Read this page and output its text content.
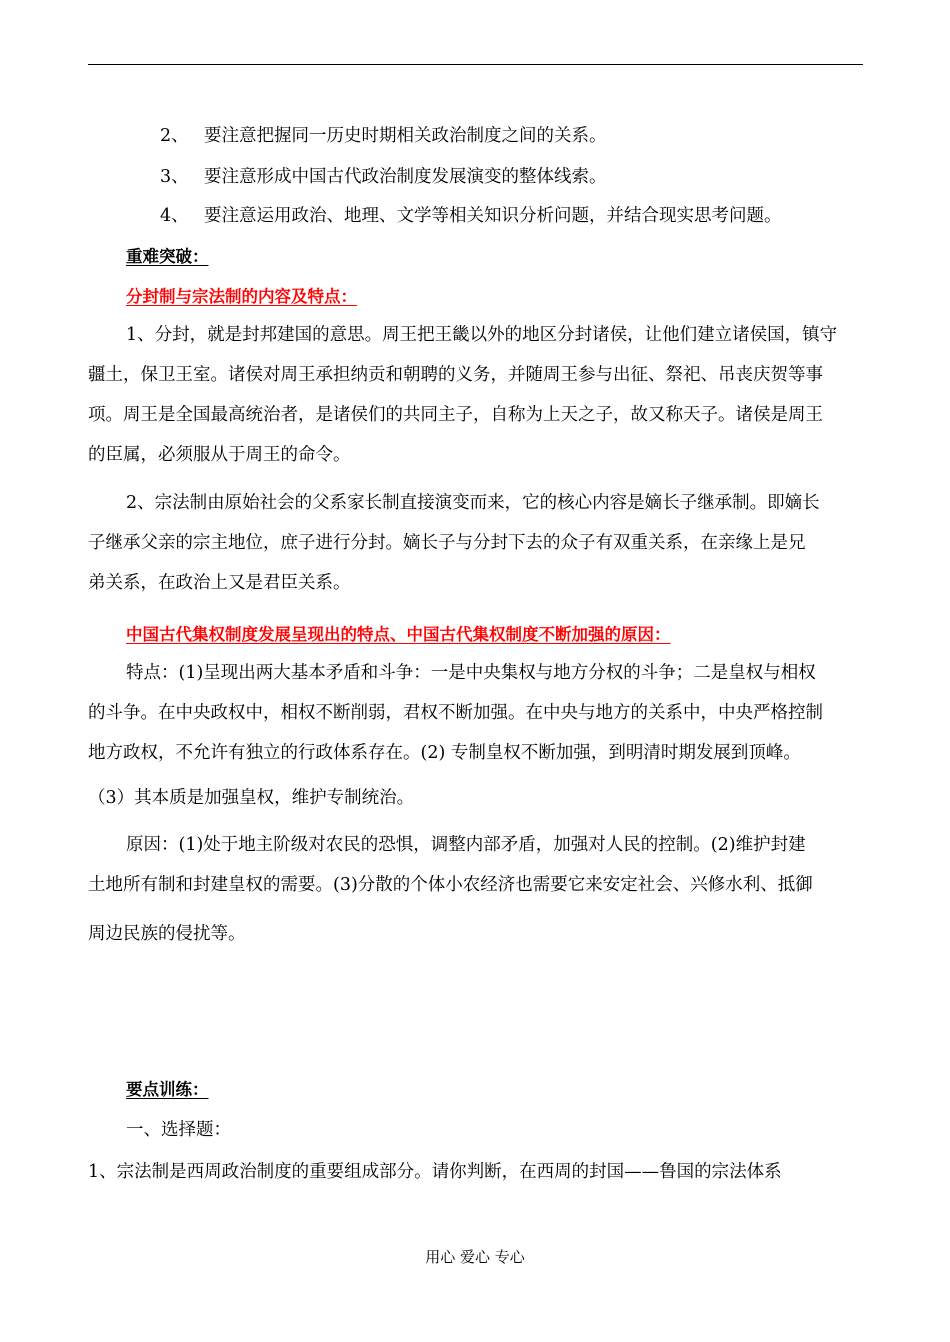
2、 要注意把握同一历史时期相关政治制度之间的关系。
3、 要注意形成中国古代政治制度发展演变的整体线索。
4、 要注意运用政治、地理、文学等相关知识分析问题，并结合现实思考问题。
重难突破：
分封制与宗法制的内容及特点：
1、分封，就是封邦建国的意思。周王把王畿以外的地区分封诸侯，让他们建立诸侯国，镇守
疆土，保卫王室。诸侯对周王承担纳贡和朝聘的义务，并随周王参与出征、祭祀、吊丧庆贺等事
项。周王是全国最高统治者，是诸侯们的共同主子，自称为上天之子，故又称天子。诸侯是周王
的臣属，必须服从于周王的命令。
2、宗法制由原始社会的父系家长制直接演变而来，它的核心内容是嫡长子继承制。即嫡长
子继承父亲的宗主地位，庶子进行分封。嫡长子与分封下去的众子有双重关系，在亲缘上是兄
弟关系，在政治上又是君臣关系。
中国古代集权制度发展呈现出的特点、中国古代集权制度不断加强的原因：
特点：(1)呈现出两大基本矛盾和斗争：一是中央集权与地方分权的斗争；二是皇权与相权
的斗争。在中央政权中，相权不断削弱，君权不断加强。在中央与地方的关系中，中央严格控制
地方政权，不允许有独立的行政体系存在。(2) 专制皇权不断加强，到明清时期发展到顶峰。
（3）其本质是加强皇权，维护专制统治。
原因：(1)处于地主阶级对农民的恐惧，调整内部矛盾，加强对人民的控制。(2)维护封建
土地所有制和封建皇权的需要。(3)分散的个体小农经济也需要它来安定社会、兴修水利、抵御
周边民族的侵扰等。
要点训练：
一、选择题：
1、宗法制是西周政治制度的重要组成部分。请你判断，在西周的封国——鲁国的宗法体系
用心 爱心 专心
